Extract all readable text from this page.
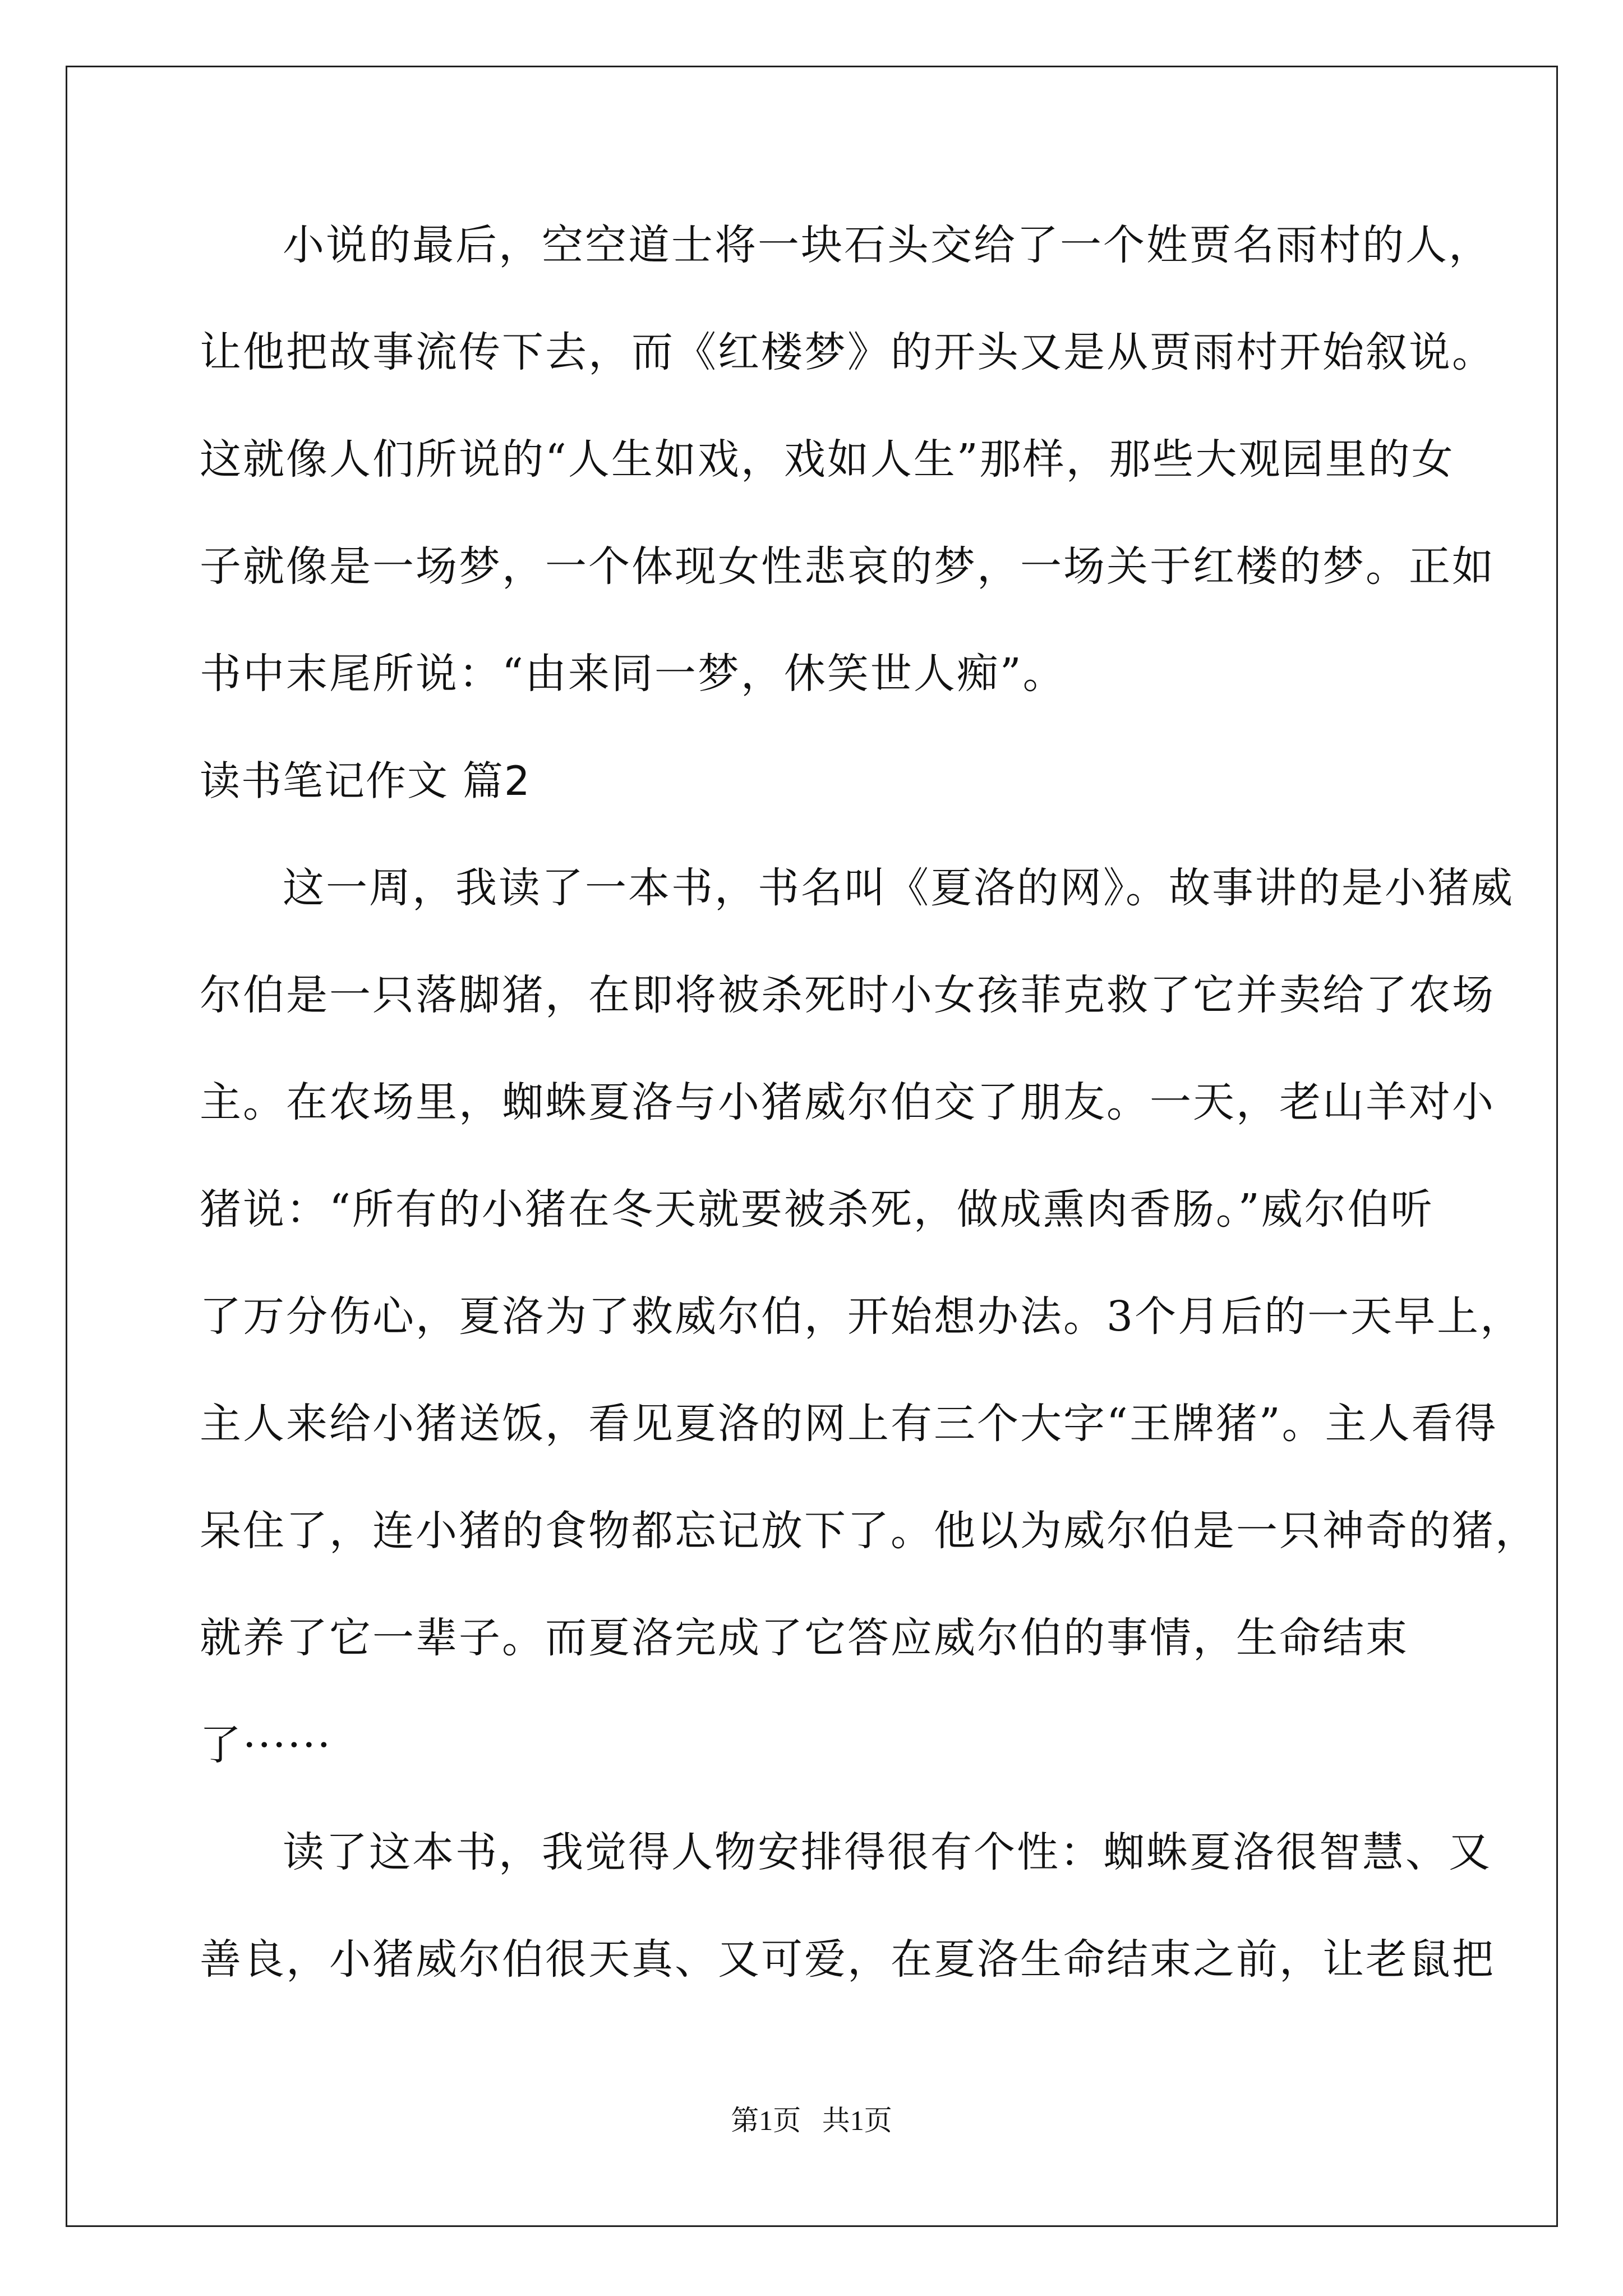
小说的最后，空空道士将一块石头交给了一个姓贾名雨村的人，
让他把故事流传下去，而《红楼梦》的开头又是从贾雨村开始叙说。
这就像人们所说的“人生如戏，戏如人生”那样，那些大观园里的女
子就像是一场梦，一个体现女性悲哀的梦，一场关于红楼的梦。正如
书中末尾所说：“由来同一梦，休笑世人痴”。
读书笔记作文 篇2
这一周，我读了一本书，书名叫《夏洛的网》。故事讲的是小猪威
尔伯是一只落脚猪，在即将被杀死时小女孩菲克救了它并卖给了农场
主。在农场里，蜘蛛夏洛与小猪威尔伯交了朋友。一天，老山羊对小
猪说：“所有的小猪在冬天就要被杀死，做成熏肉香肠。”威尔伯听
了万分伤心，夏洛为了救威尔伯，开始想办法。3个月后的一天早上，
主人来给小猪送饭，看见夏洛的网上有三个大字“王牌猪”。主人看得
呆住了，连小猪的食物都忘记放下了。他以为威尔伯是一只神奇的猪，
就养了它一辈子。而夏洛完成了它答应威尔伯的事情，生命结束
了······
读了这本书，我觉得人物安排得很有个性：蜘蛛夏洛很智慧、又
善良，小猪威尔伯很天真、又可爱，在夏洛生命结束之前，让老鼠把
第1页   共1页
